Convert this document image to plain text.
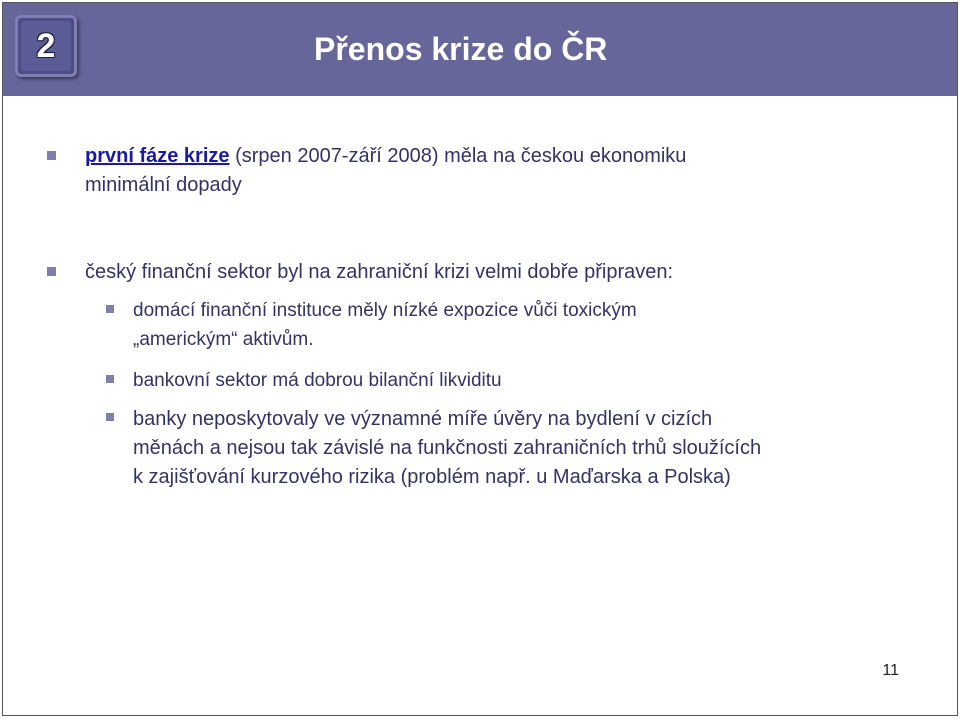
2	Přenos krize do ČR
první fáze krize (srpen 2007-září 2008) měla na českou ekonomiku
minimální dopady
český finanční sektor byl na zahraniční krizi velmi dobře připraven:
domácí finanční instituce měly nízké expozice vůči toxickým
„americkým“ aktivům.
bankovní sektor má dobrou bilanční likviditu
banky neposkytovaly ve významné míře úvěry na bydlení v cizích
měnách a nejsou tak závislé na funkčnosti zahraničních trhů sloužících
k zajišťování kurzového rizika (problém např. u Maďarska a Polska)
11
